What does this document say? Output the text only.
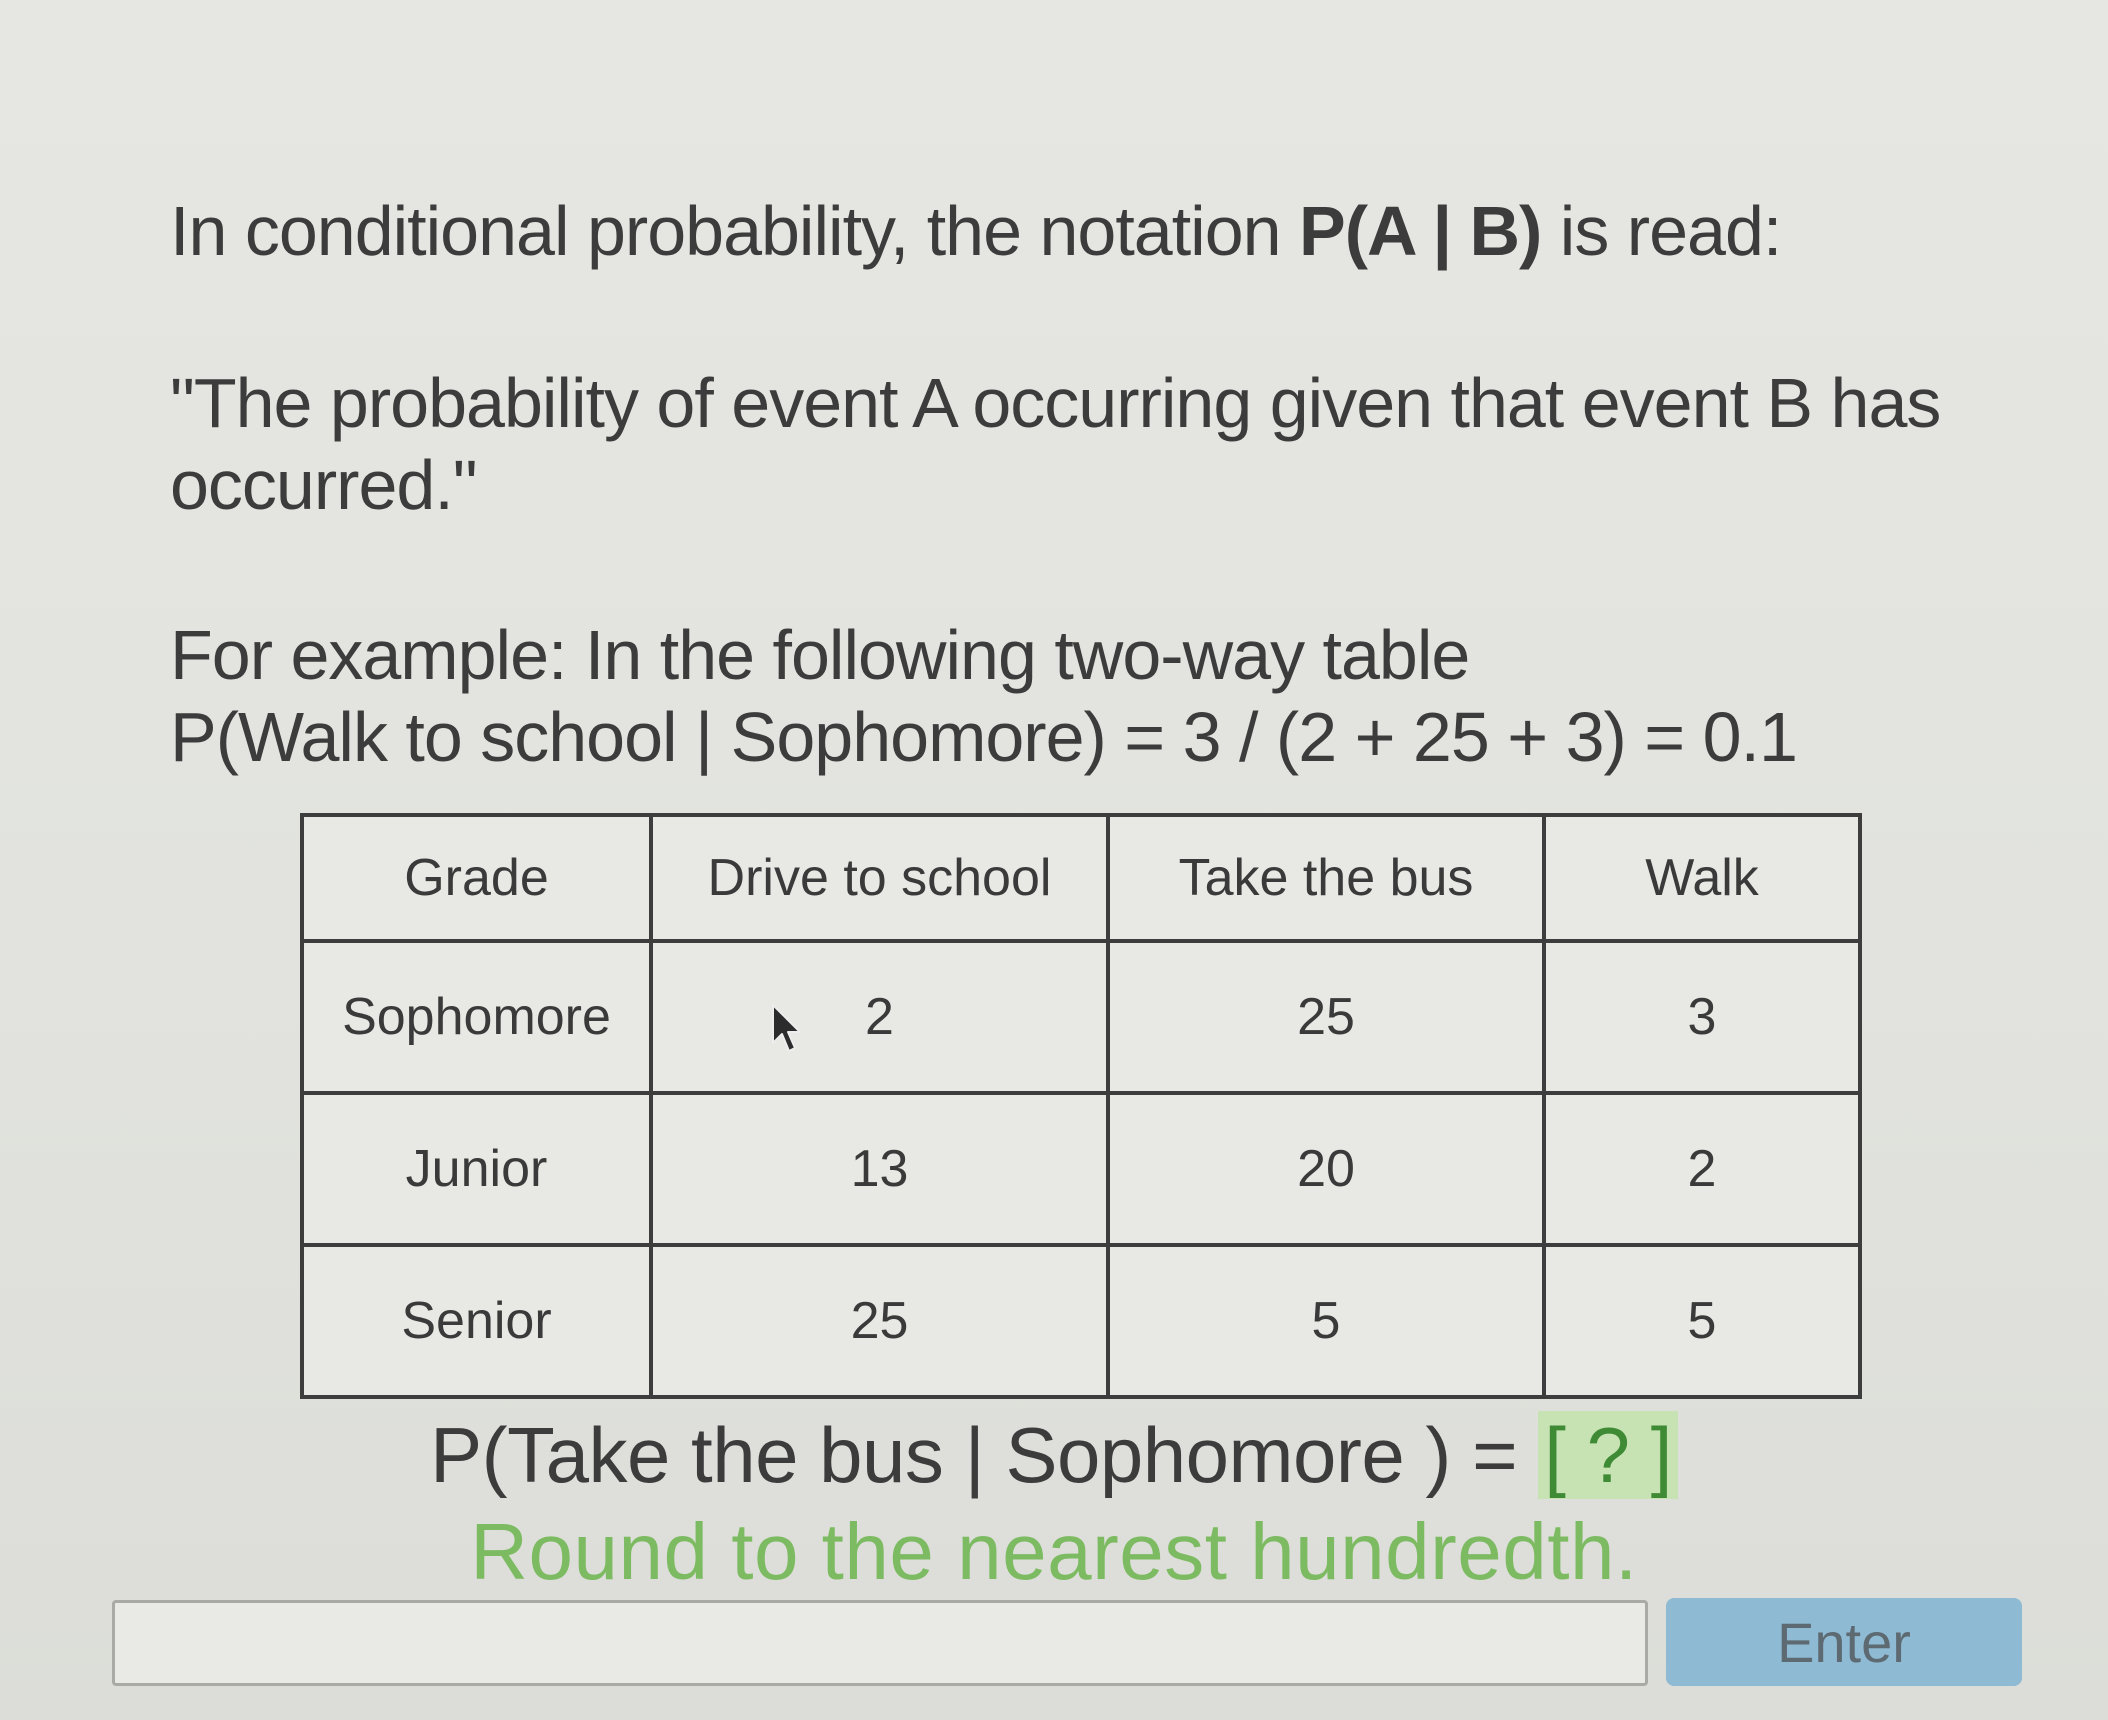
In conditional probability, the notation P(A | B) is read:
"The probability of event A occurring given that event B has occurred."
For example: In the following two-way table
P(Walk to school | Sophomore) = 3 / (2 + 25 + 3) = 0.1
Grade	Drive to school	Take the bus	Walk
Sophomore	2	25	3
Junior	13	20	2
Senior	25	5	5
P(Take the bus | Sophomore ) = [ ? ]
Round to the nearest hundredth.
Enter
